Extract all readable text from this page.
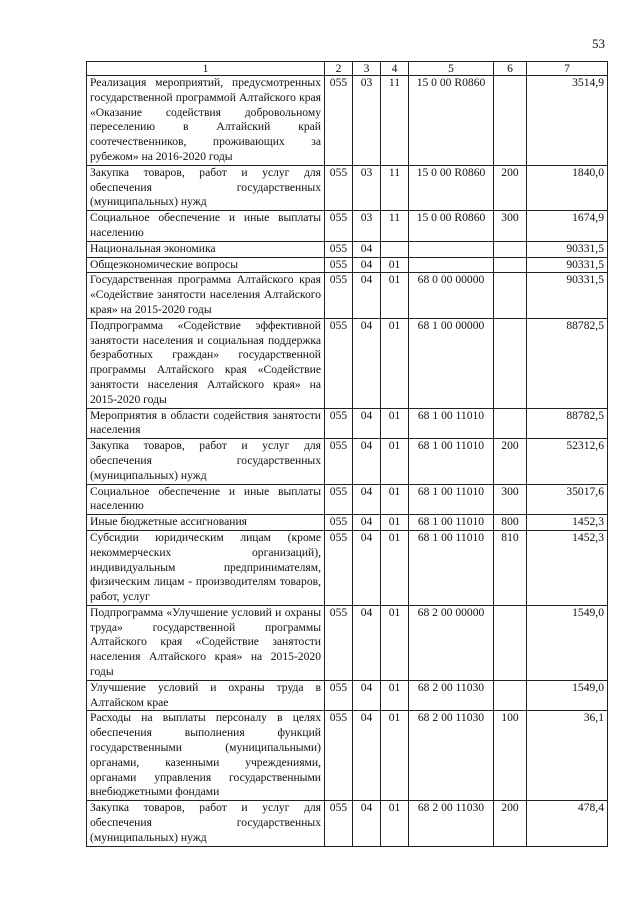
53
1	2	3	4	5	6	7
Реализация мероприятий, предусмотренных государственной программой Алтайского края «Оказание содействия добровольному переселению в Алтайский край соотечественников, проживающих за рубежом» на 2016-2020 годы	055	03	11	15 0 00 R0860		3514,9
Закупка товаров, работ и услуг для обеспечения государственных (муниципальных) нужд	055	03	11	15 0 00 R0860	200	1840,0
Социальное обеспечение и иные выплаты населению	055	03	11	15 0 00 R0860	300	1674,9
Национальная экономика	055	04				90331,5
Общеэкономические вопросы	055	04	01			90331,5
Государственная программа Алтайского края «Содействие занятости населения Алтайского края» на 2015-2020 годы	055	04	01	68 0 00 00000		90331,5
Подпрограмма «Содействие эффективной занятости населения и социальная поддержка безработных граждан» государственной программы Алтайского края «Содействие занятости населения Алтайского края» на 2015-2020 годы	055	04	01	68 1 00 00000		88782,5
Мероприятия в области содействия занятости населения	055	04	01	68 1 00 11010		88782,5
Закупка товаров, работ и услуг для обеспечения государственных (муниципальных) нужд	055	04	01	68 1 00 11010	200	52312,6
Социальное обеспечение и иные выплаты населению	055	04	01	68 1 00 11010	300	35017,6
Иные бюджетные ассигнования	055	04	01	68 1 00 11010	800	1452,3
Субсидии юридическим лицам (кроме некоммерческих организаций), индивидуальным предпринимателям, физическим лицам - производителям товаров, работ, услуг	055	04	01	68 1 00 11010	810	1452,3
Подпрограмма «Улучшение условий и охраны труда» государственной программы Алтайского края «Содействие занятости населения Алтайского края» на 2015-2020 годы	055	04	01	68 2 00 00000		1549,0
Улучшение условий и охраны труда в Алтайском крае	055	04	01	68 2 00 11030		1549,0
Расходы на выплаты персоналу в целях обеспечения выполнения функций государственными (муниципальными) органами, казенными учреждениями, органами управления государственными внебюджетными фондами	055	04	01	68 2 00 11030	100	36,1
Закупка товаров, работ и услуг для обеспечения государственных (муниципальных) нужд	055	04	01	68 2 00 11030	200	478,4
